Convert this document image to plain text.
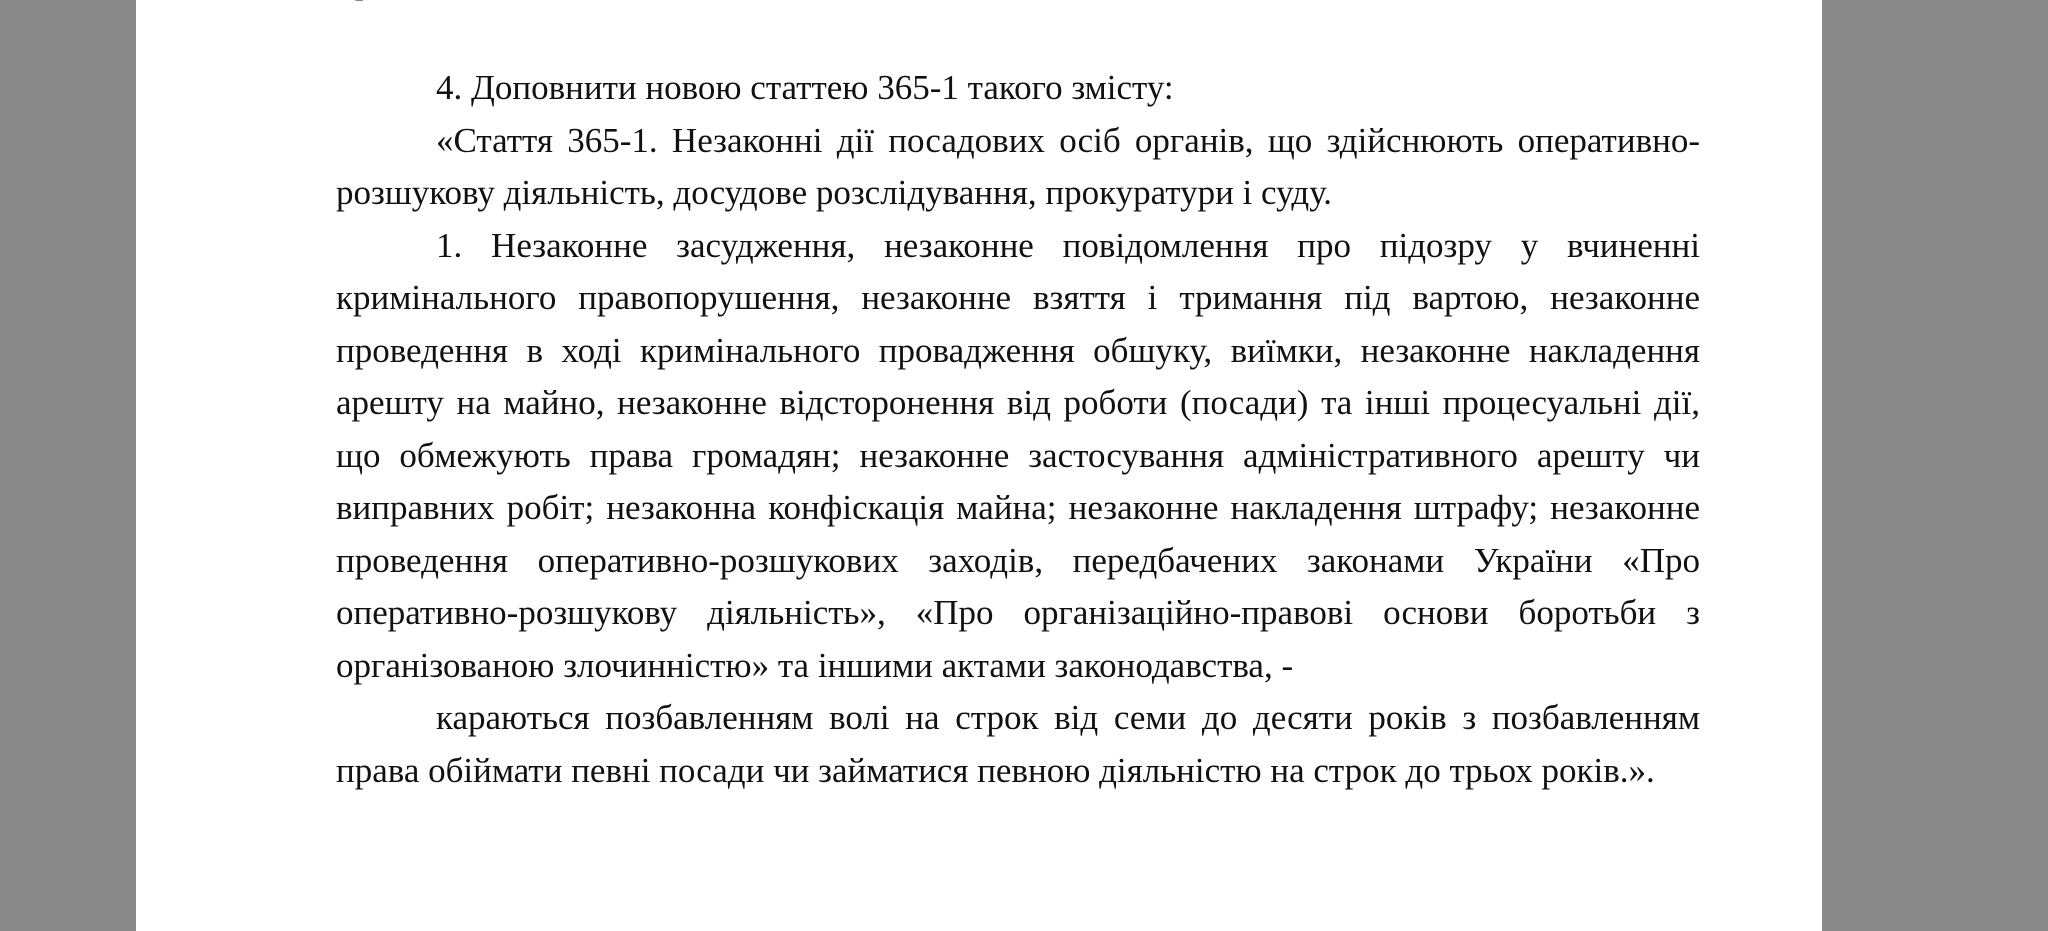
4. Доповнити новою статтею 365-1 такого змісту:

«Стаття 365-1. Незаконні дії посадових осіб органів, що здійснюють оперативно-розшукову діяльність, досудове розслідування, прокуратури і суду.

1. Незаконне засудження, незаконне повідомлення про підозру у вчиненні кримінального правопорушення, незаконне взяття і тримання під вартою, незаконне проведення в ході кримінального провадження обшуку, виїмки, незаконне накладення арешту на майно, незаконне відсторонення від роботи (посади) та інші процесуальні дії, що обмежують права громадян; незаконне застосування адміністративного арешту чи виправних робіт; незаконна конфіскація майна; незаконне накладення штрафу; незаконне проведення оперативно-розшукових заходів, передбачених законами України «Про оперативно-розшукову діяльність», «Про організаційно-правові основи боротьби з організованою злочинністю» та іншими актами законодавства, -

караються позбавленням волі на строк від семи до десяти років з позбавленням права обіймати певні посади чи займатися певною діяльністю на строк до трьох років.».
